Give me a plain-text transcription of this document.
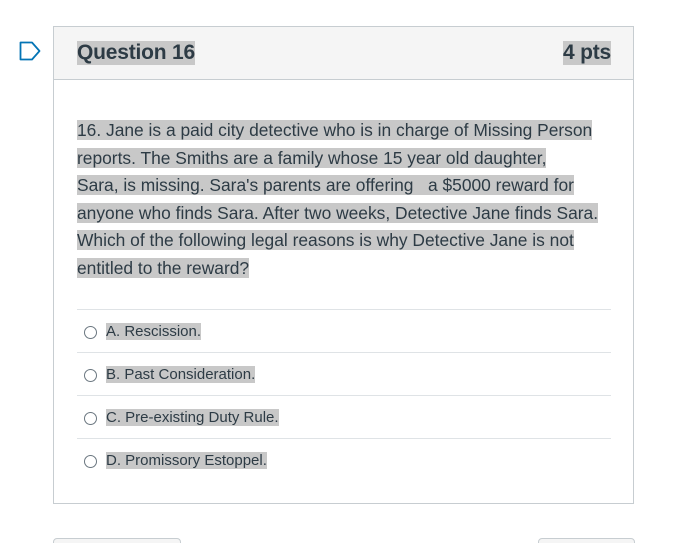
Question 16	4 pts

16. Jane is a paid city detective who is in charge of Missing Person
reports. The Smiths are a family whose 15 year old daughter,
Sara, is missing. Sara's parents are offering   a $5000 reward for
anyone who finds Sara. After two weeks, Detective Jane finds Sara.
Which of the following legal reasons is why Detective Jane is not
entitled to the reward?

A. Rescission.
B. Past Consideration.
C. Pre-existing Duty Rule.
D. Promissory Estoppel.
